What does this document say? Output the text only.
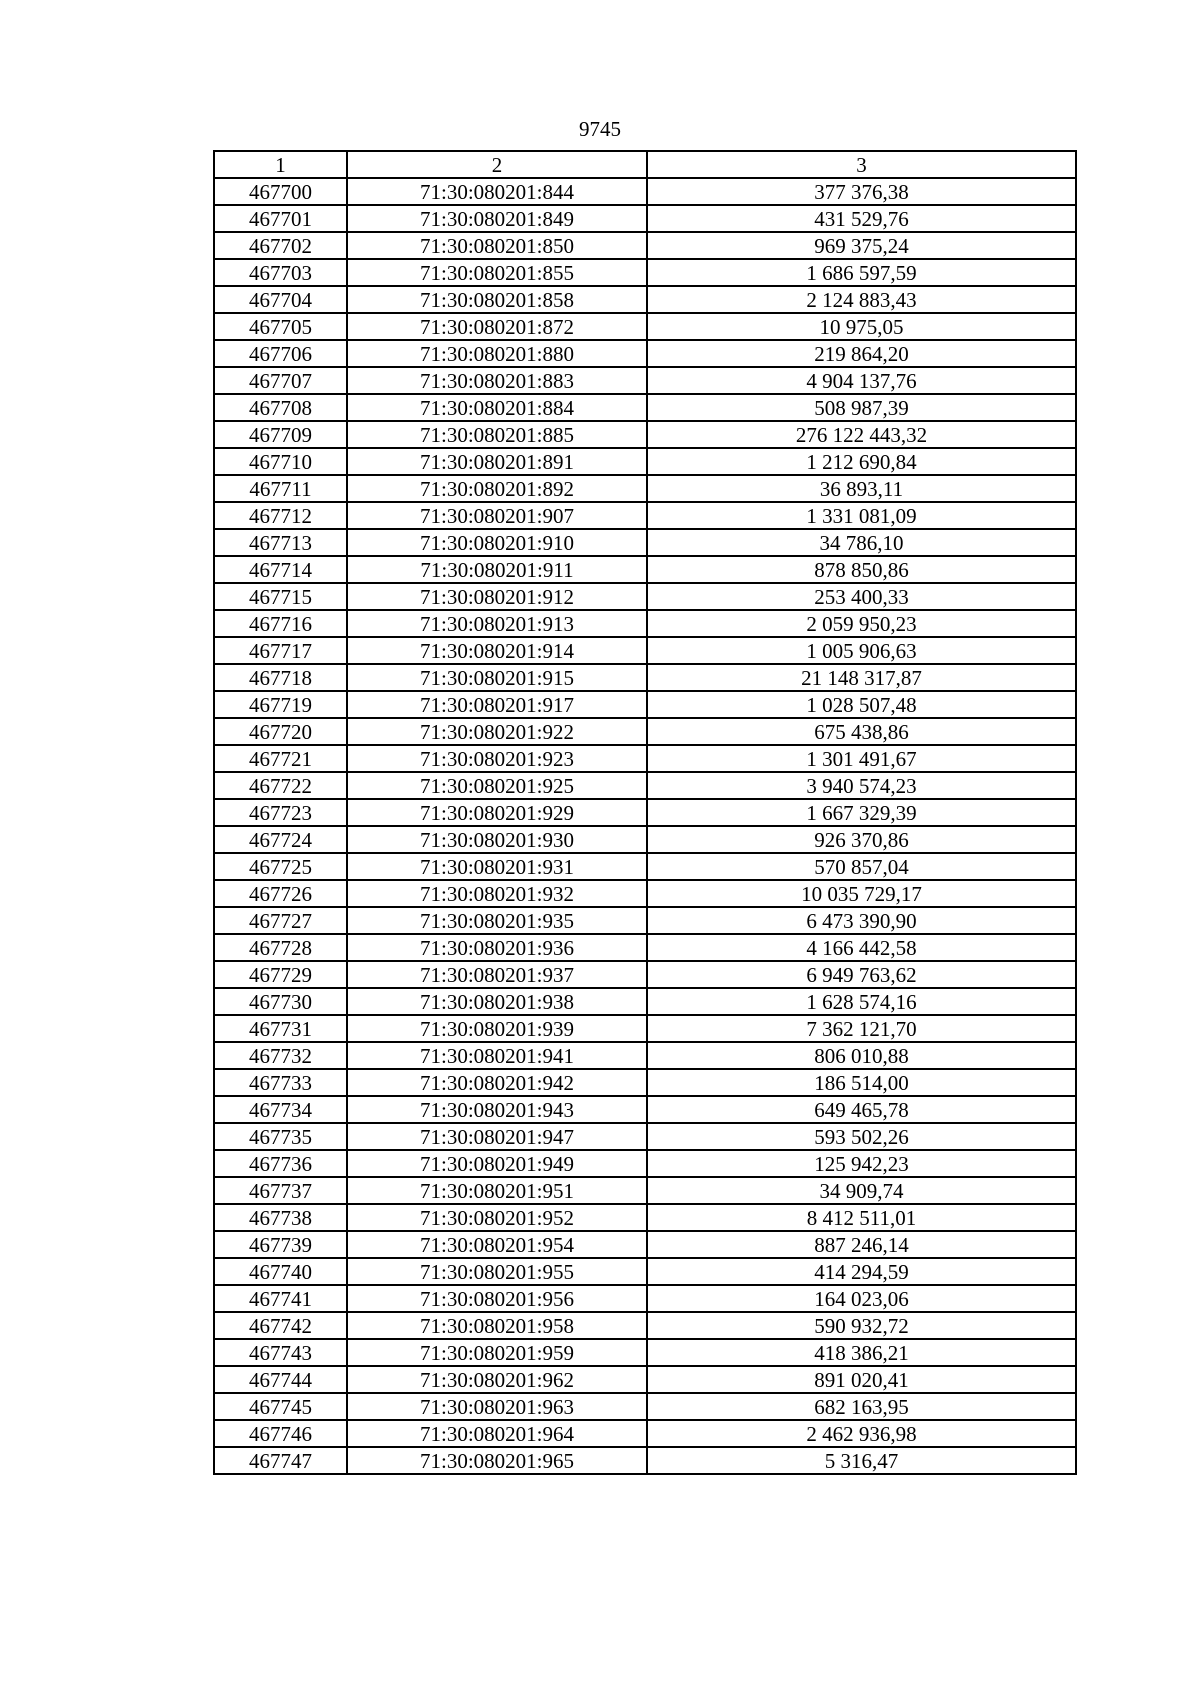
9745
1	2	3
467700	71:30:080201:844	377 376,38
467701	71:30:080201:849	431 529,76
467702	71:30:080201:850	969 375,24
467703	71:30:080201:855	1 686 597,59
467704	71:30:080201:858	2 124 883,43
467705	71:30:080201:872	10 975,05
467706	71:30:080201:880	219 864,20
467707	71:30:080201:883	4 904 137,76
467708	71:30:080201:884	508 987,39
467709	71:30:080201:885	276 122 443,32
467710	71:30:080201:891	1 212 690,84
467711	71:30:080201:892	36 893,11
467712	71:30:080201:907	1 331 081,09
467713	71:30:080201:910	34 786,10
467714	71:30:080201:911	878 850,86
467715	71:30:080201:912	253 400,33
467716	71:30:080201:913	2 059 950,23
467717	71:30:080201:914	1 005 906,63
467718	71:30:080201:915	21 148 317,87
467719	71:30:080201:917	1 028 507,48
467720	71:30:080201:922	675 438,86
467721	71:30:080201:923	1 301 491,67
467722	71:30:080201:925	3 940 574,23
467723	71:30:080201:929	1 667 329,39
467724	71:30:080201:930	926 370,86
467725	71:30:080201:931	570 857,04
467726	71:30:080201:932	10 035 729,17
467727	71:30:080201:935	6 473 390,90
467728	71:30:080201:936	4 166 442,58
467729	71:30:080201:937	6 949 763,62
467730	71:30:080201:938	1 628 574,16
467731	71:30:080201:939	7 362 121,70
467732	71:30:080201:941	806 010,88
467733	71:30:080201:942	186 514,00
467734	71:30:080201:943	649 465,78
467735	71:30:080201:947	593 502,26
467736	71:30:080201:949	125 942,23
467737	71:30:080201:951	34 909,74
467738	71:30:080201:952	8 412 511,01
467739	71:30:080201:954	887 246,14
467740	71:30:080201:955	414 294,59
467741	71:30:080201:956	164 023,06
467742	71:30:080201:958	590 932,72
467743	71:30:080201:959	418 386,21
467744	71:30:080201:962	891 020,41
467745	71:30:080201:963	682 163,95
467746	71:30:080201:964	2 462 936,98
467747	71:30:080201:965	5 316,47
